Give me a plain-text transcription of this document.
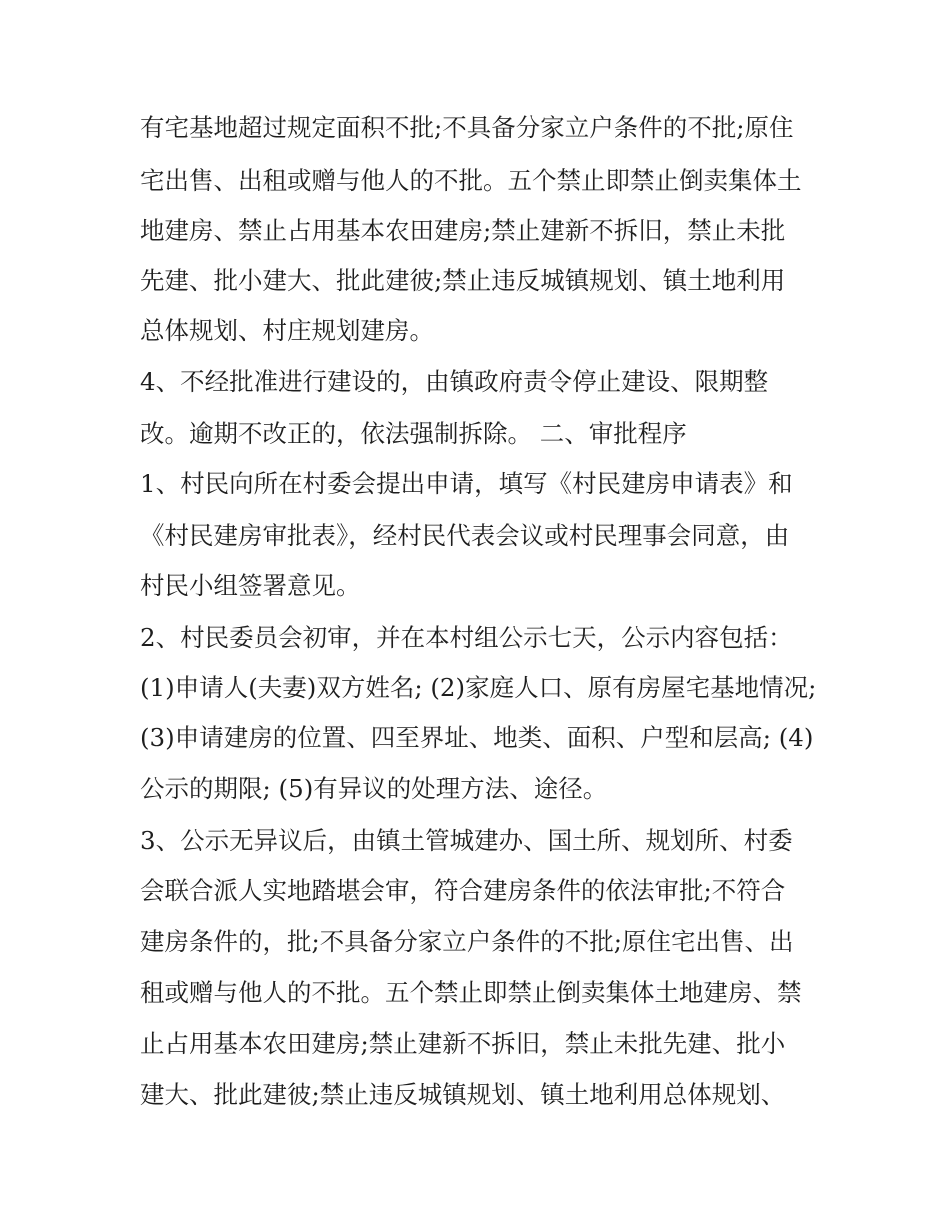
有宅基地超过规定面积不批;不具备分家立户条件的不批;原住
宅出售、出租或赠与他人的不批。五个禁止即禁止倒卖集体土
地建房、禁止占用基本农田建房;禁止建新不拆旧，禁止未批
先建、批小建大、批此建彼;禁止违反城镇规划、镇土地利用
总体规划、村庄规划建房。
4、不经批准进行建设的，由镇政府责令停止建设、限期整
改。逾期不改正的，依法强制拆除。 二、审批程序
1、村民向所在村委会提出申请，填写《村民建房申请表》和
《村民建房审批表》，经村民代表会议或村民理事会同意，由
村民小组签署意见。
2、村民委员会初审，并在本村组公示七天，公示内容包括：
(1)申请人(夫妻)双方姓名; (2)家庭人口、原有房屋宅基地情况;
(3)申请建房的位置、四至界址、地类、面积、户型和层高; (4)
公示的期限; (5)有异议的处理方法、途径。
3、公示无异议后，由镇土管城建办、国土所、规划所、村委
会联合派人实地踏堪会审，符合建房条件的依法审批;不符合
建房条件的，批;不具备分家立户条件的不批;原住宅出售、出
租或赠与他人的不批。五个禁止即禁止倒卖集体土地建房、禁
止占用基本农田建房;禁止建新不拆旧，禁止未批先建、批小
建大、批此建彼;禁止违反城镇规划、镇土地利用总体规划、
